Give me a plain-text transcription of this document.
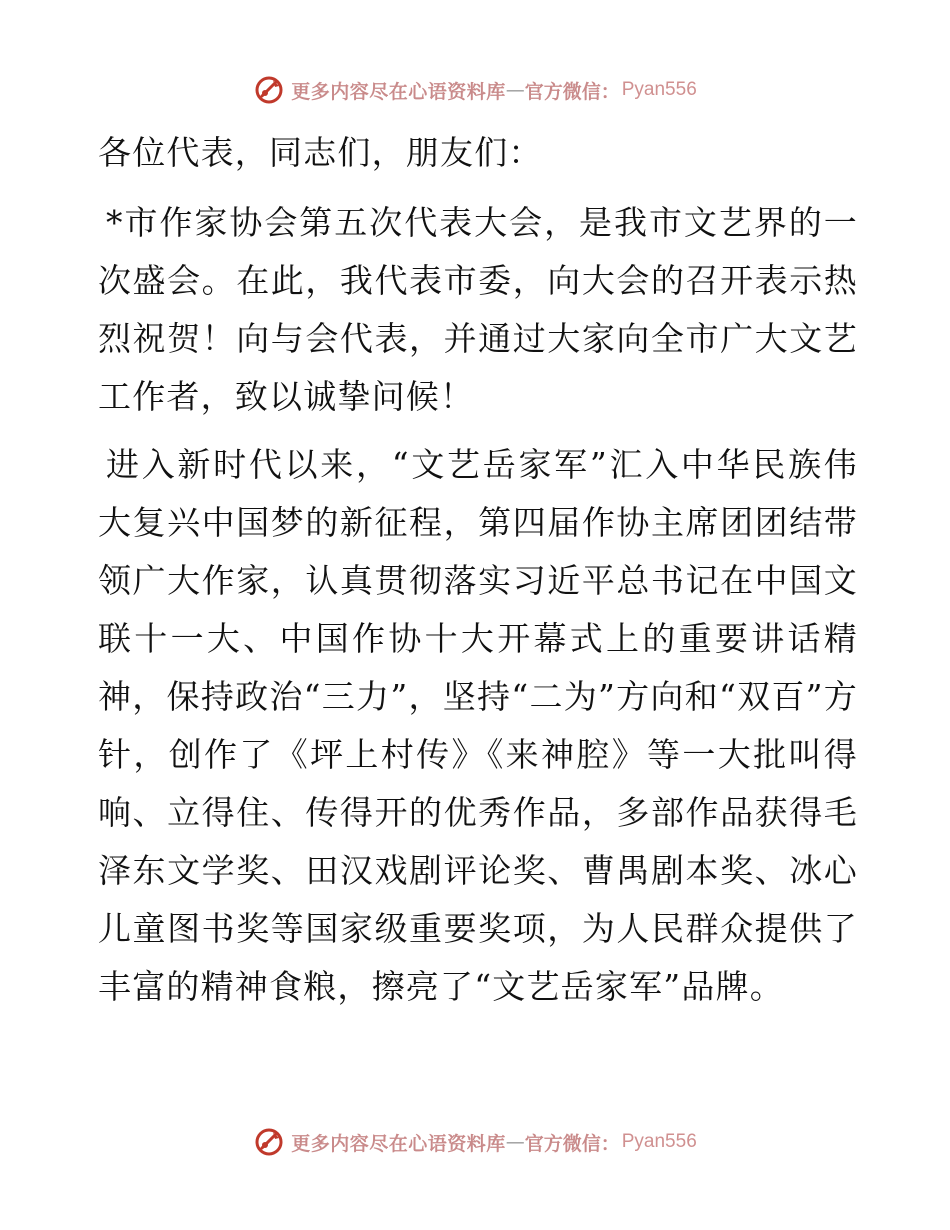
更多内容尽在心语资料库 — 官方微信： Pyan556

各位代表，同志们，朋友们：

*市作家协会第五次代表大会，是我市文艺界的一次盛会。在此，我代表市委，向大会的召开表示热烈祝贺！向与会代表，并通过大家向全市广大文艺工作者，致以诚挚问候！

进入新时代以来，“文艺岳家军”汇入中华民族伟大复兴中国梦的新征程，第四届作协主席团团结带领广大作家，认真贯彻落实习近平总书记在中国文联十一大、中国作协十大开幕式上的重要讲话精神，保持政治“三力”，坚持“二为”方向和“双百”方针，创作了《坪上村传》《来神腔》等一大批叫得响、立得住、传得开的优秀作品，多部作品获得毛泽东文学奖、田汉戏剧评论奖、曹禺剧本奖、冰心儿童图书奖等国家级重要奖项，为人民群众提供了丰富的精神食粮，擦亮了“文艺岳家军”品牌。

更多内容尽在心语资料库 — 官方微信： Pyan556
